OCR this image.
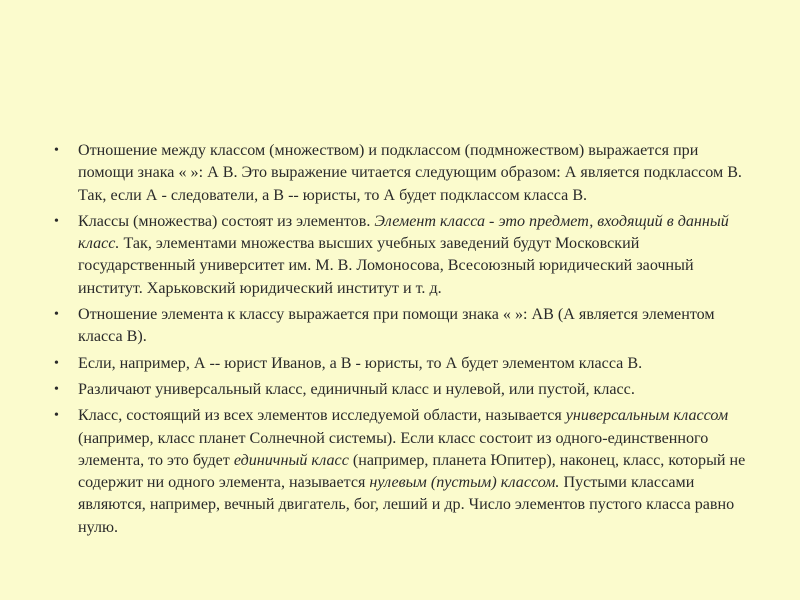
• Отношение между классом (множеством) и подклассом (подмножеством) выражается при помощи знака « »: А В. Это выражение читается следующим образом: А является подклассом В. Так, если А - следователи, а В -- юристы, то А будет подклассом класса В.
• Классы (множества) состоят из элементов. Элемент класса - это предмет, входящий в данный класс. Так, элементами множества высших учебных заведений будут Московский государственный университет им. М. В. Ломоносова, Всесоюзный юридический заочный институт. Харьковский юридический институт и т. д.
• Отношение элемента к классу выражается при помощи знака « »: АВ (А является элементом класса В).
• Если, например, А -- юрист Иванов, а В - юристы, то А будет элементом класса В.
• Различают универсальный класс, единичный класс и нулевой, или пустой, класс.
• Класс, состоящий из всех элементов исследуемой области, называется универсальным классом (например, класс планет Солнечной системы). Если класс состоит из одного-единственного элемента, то это будет единичный класс (например, планета Юпитер), наконец, класс, который не содержит ни одного элемента, называется нулевым (пустым) классом. Пустыми классами являются, например, вечный двигатель, бог, леший и др. Число элементов пустого класса равно нулю.
